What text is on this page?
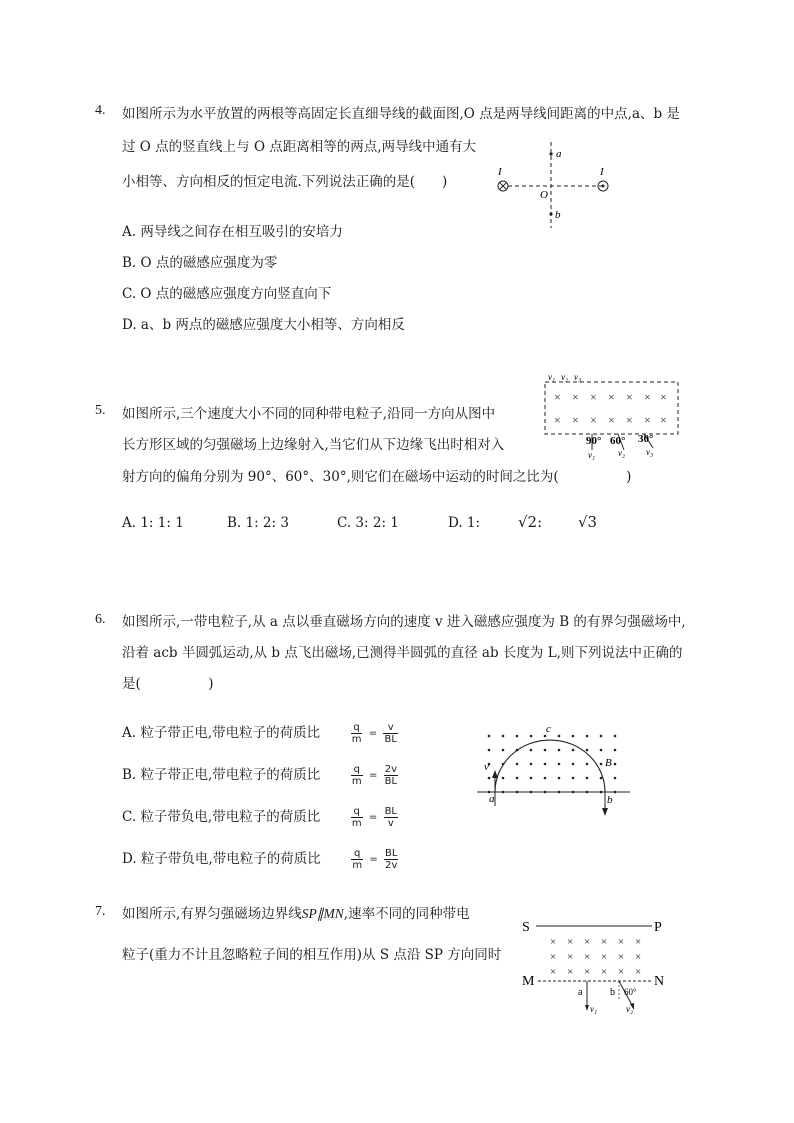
4. 如图所示为水平放置的两根等高固定长直细导线的截面图,O 点是两导线间距离的中点,a、b 是
过 O 点的竖直线上与 O 点距离相等的两点,两导线中通有大
小相等、方向相反的恒定电流.下列说法正确的是(　　)
A. 两导线之间存在相互吸引的安培力
B. O 点的磁感应强度为零
C. O 点的磁感应强度方向竖直向下
D. a、b 两点的磁感应强度大小相等、方向相反
I	I
a
b
O
5. 如图所示,三个速度大小不同的同种带电粒子,沿同一方向从图中
长方形区域的匀强磁场上边缘射入,当它们从下边缘飞出时相对入
射方向的偏角分别为 90°、60°、30°,则它们在磁场中运动的时间之比为(　　　　　)
A. 1: 1: 1	B. 1: 2: 3	C. 3: 2: 1	D. 1:	√2: √3
× × × × × × ×
× × × × × × ×
v₁ v₂ v₃
90° 60° 30°
v₁	v₂ v₃
6. 如图所示,一带电粒子,从 a 点以垂直磁场方向的速度 v 进入磁感应强度为 B 的有界匀强磁场中,
沿着 acb 半圆弧运动,从 b 点飞出磁场,已测得半圆弧的直径 ab 长度为 L,则下列说法中正确的
是(　　　　　)
A. 粒子带正电,带电粒子的荷质比	$\frac{q}{m} = \frac{v}{BL}$
B. 粒子带正电,带电粒子的荷质比	$\frac{q}{m} = \frac{2v}{BL}$
C. 粒子带负电,带电粒子的荷质比	$\frac{q}{m} = \frac{BL}{v}$
D. 粒子带负电,带电粒子的荷质比	$\frac{q}{m} = \frac{BL}{2v}$
c
B
v
a	b
7. 如图所示,有界匀强磁场边界线SP∥MN,速率不同的同种带电
粒子(重力不计且忽略粒子间的相互作用)从 S 点沿 SP 方向同时
S	P
× × × × × ×
× × × × × ×
× × × × × ×
M	N
a	b 60°
v₁	v₂
